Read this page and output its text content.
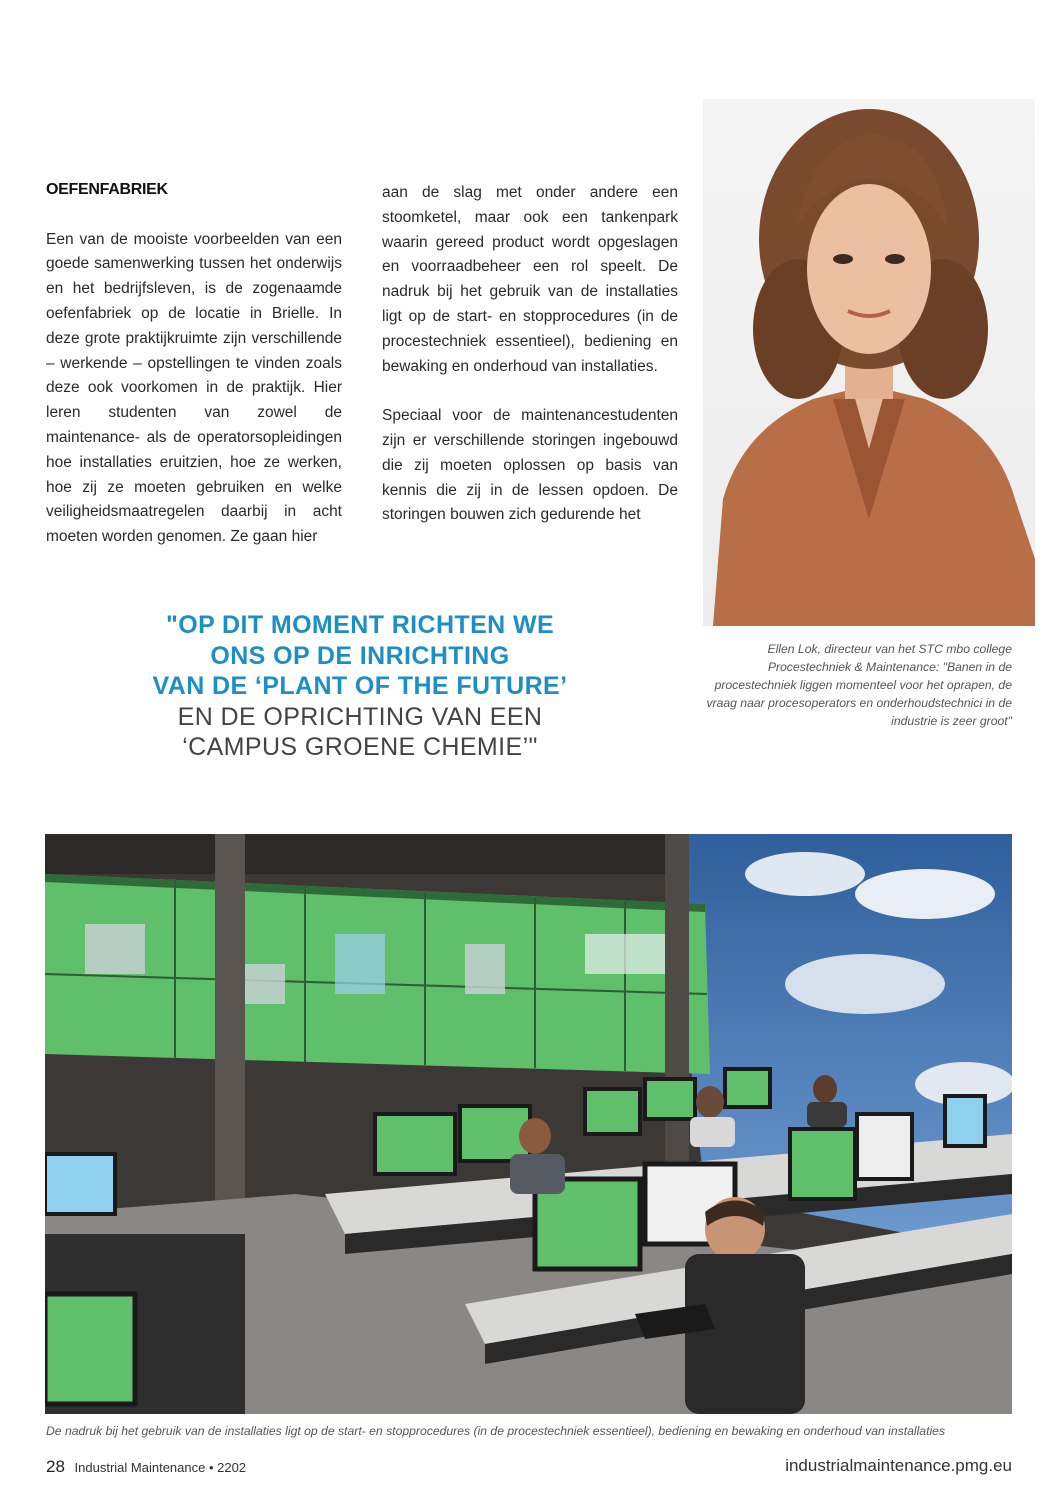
OEFENFABRIEK

Een van de mooiste voorbeelden van een goede samenwerking tussen het onderwijs en het bedrijfsleven, is de zogenaamde oefenfabriek op de locatie in Brielle. In deze grote praktijkruimte zijn verschillende – werkende – opstellingen te vinden zoals deze ook voorkomen in de praktijk. Hier leren studenten van zowel de maintenance- als de operatorsopleidingen hoe installaties eruitzien, hoe ze werken, hoe zij ze moeten gebruiken en welke veiligheidsmaatregelen daarbij in acht moeten worden genomen. Ze gaan hier

aan de slag met onder andere een stoomketel, maar ook een tankenpark waarin gereed product wordt opgeslagen en voorraadbeheer een rol speelt. De nadruk bij het gebruik van de installaties ligt op de start- en stopprocedures (in de procestechniek essentieel), bediening en bewaking en onderhoud van installaties.

Speciaal voor de maintenancestudenten zijn er verschillende storingen ingebouwd die zij moeten oplossen op basis van kennis die zij in de lessen opdoen. De storingen bouwen zich gedurende het

Ellen Lok, directeur van het STC mbo college Procestechniek & Maintenance: "Banen in de procestechniek liggen momenteel voor het oprapen, de vraag naar procesoperators en onderhoudstechnici in de industrie is zeer groot"
"OP DIT MOMENT RICHTEN WE
ONS OP DE INRICHTING
VAN DE ‘PLANT OF THE FUTURE’
EN DE OPRICHTING VAN EEN
‘CAMPUS GROENE CHEMIE’"
De nadruk bij het gebruik van de installaties ligt op de start- en stopprocedures (in de procestechniek essentieel), bediening en bewaking en onderhoud van installaties
28 Industrial Maintenance • 2202	industrialmaintenance.pmg.eu
